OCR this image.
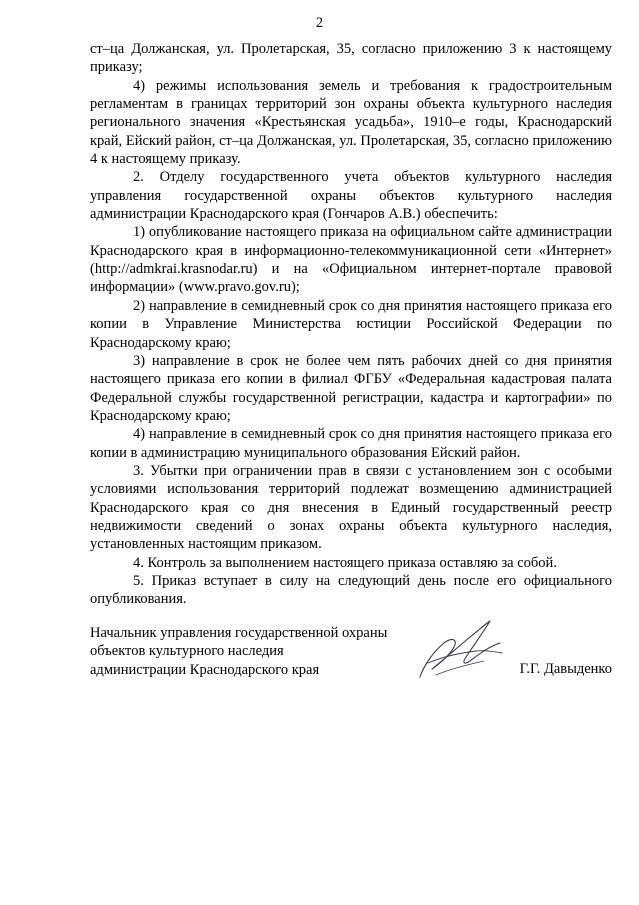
2

ст–ца Должанская, ул. Пролетарская, 35, согласно приложению 3 к настоящему приказу;

4) режимы использования земель и требования к градостроительным регламентам в границах территорий зон охраны объекта культурного наследия регионального значения «Крестьянская усадьба», 1910–е годы, Краснодарский край, Ейский район, ст–ца Должанская, ул. Пролетарская, 35, согласно приложению 4 к настоящему приказу.

2. Отделу государственного учета объектов культурного наследия управления государственной охраны объектов культурного наследия администрации Краснодарского края (Гончаров А.В.) обеспечить:

1) опубликование настоящего приказа на официальном сайте администрации Краснодарского края в информационно-телекоммуникационной сети «Интернет» (http://admkrai.krasnodar.ru) и на «Официальном интернет-портале правовой информации» (www.pravo.gov.ru);

2) направление в семидневный срок со дня принятия настоящего приказа его копии в Управление Министерства юстиции Российской Федерации по Краснодарскому краю;

3) направление в срок не более чем пять рабочих дней со дня принятия настоящего приказа его копии в филиал ФГБУ «Федеральная кадастровая палата Федеральной службы государственной регистрации, кадастра и картографии» по Краснодарскому краю;

4) направление в семидневный срок со дня принятия настоящего приказа его копии в администрацию муниципального образования Ейский район.

3. Убытки при ограничении прав в связи с установлением зон с особыми условиями использования территорий подлежат возмещению администрацией Краснодарского края со дня внесения в Единый государственный реестр недвижимости сведений о зонах охраны объекта культурного наследия, установленных настоящим приказом.

4. Контроль за выполнением настоящего приказа оставляю за собой.

5. Приказ вступает в силу на следующий день после его официального опубликования.

Начальник управления государственной охраны
объектов культурного наследия
администрации Краснодарского края	Г.Г. Давыденко
